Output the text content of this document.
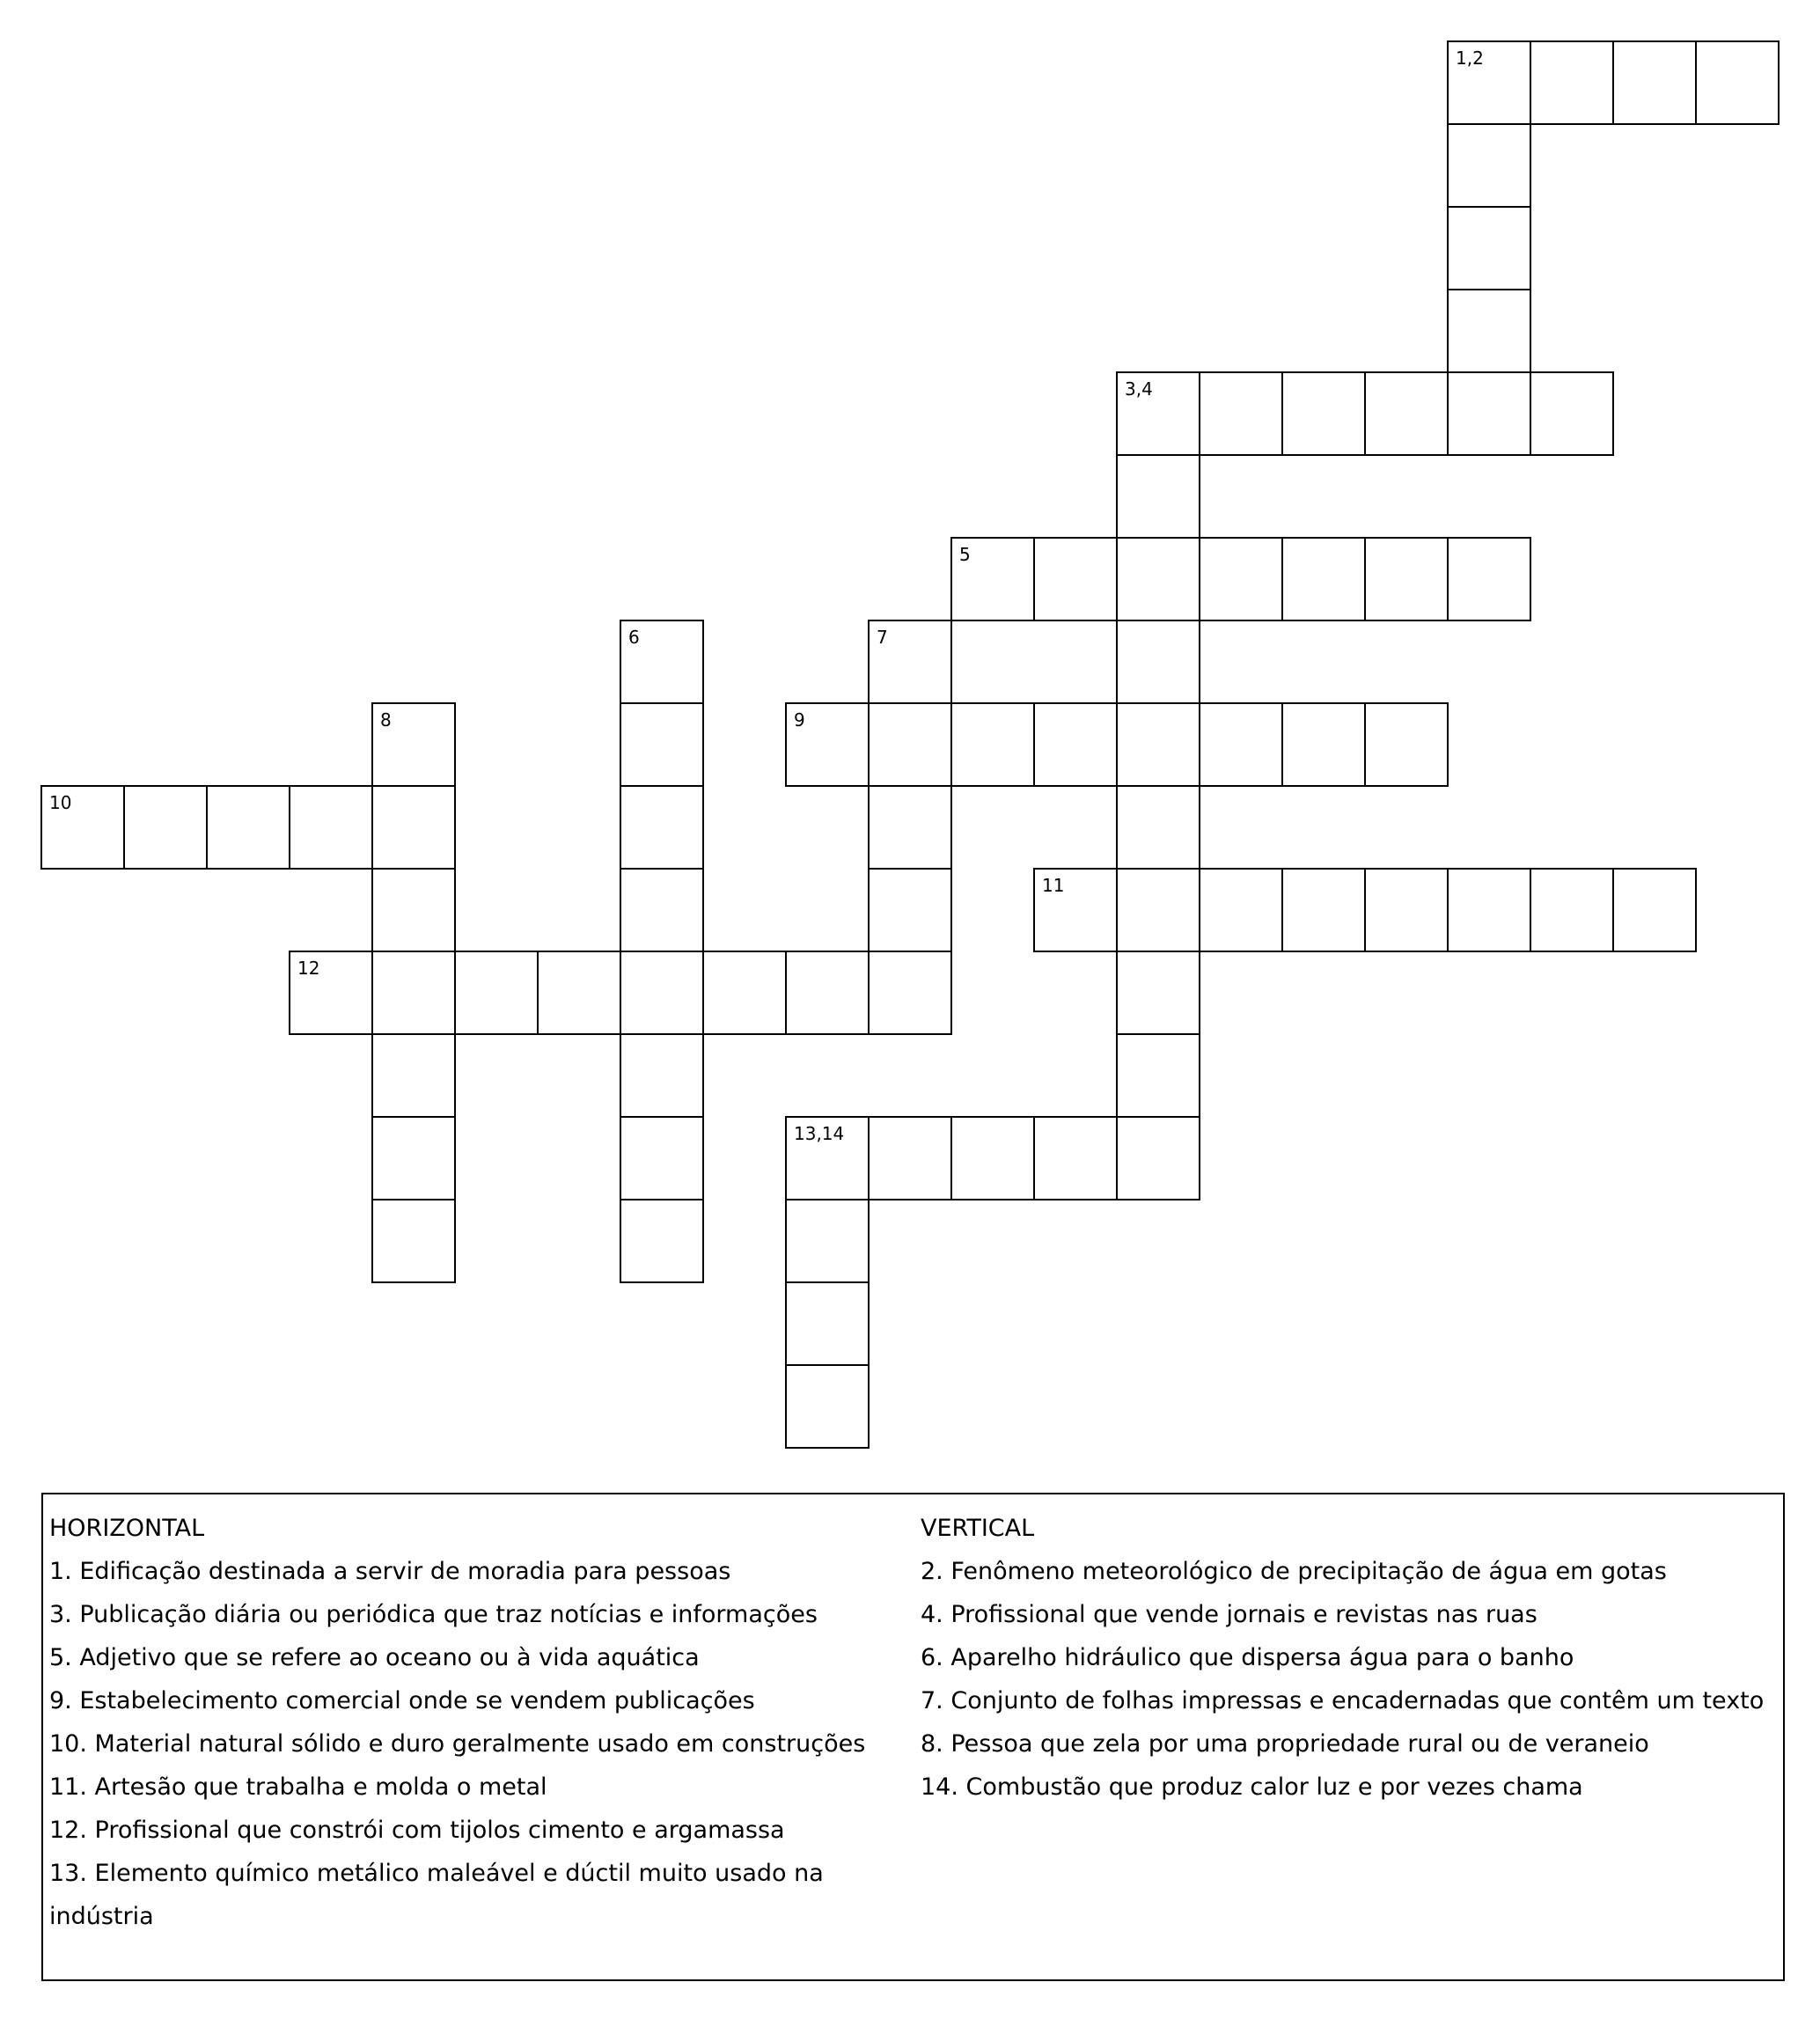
1,2
3,4
5
6	7
8	9
10
11
12
13,14
HORIZONTAL
1. Edificação destinada a servir de moradia para pessoas
3. Publicação diária ou periódica que traz notícias e informações
5. Adjetivo que se refere ao oceano ou à vida aquática
9. Estabelecimento comercial onde se vendem publicações
10. Material natural sólido e duro geralmente usado em construções
11. Artesão que trabalha e molda o metal
12. Profissional que constrói com tijolos cimento e argamassa
13. Elemento químico metálico maleável e dúctil muito usado na
indústria
VERTICAL
2. Fenômeno meteorológico de precipitação de água em gotas
4. Profissional que vende jornais e revistas nas ruas
6. Aparelho hidráulico que dispersa água para o banho
7. Conjunto de folhas impressas e encadernadas que contêm um texto
8. Pessoa que zela por uma propriedade rural ou de veraneio
14. Combustão que produz calor luz e por vezes chama
